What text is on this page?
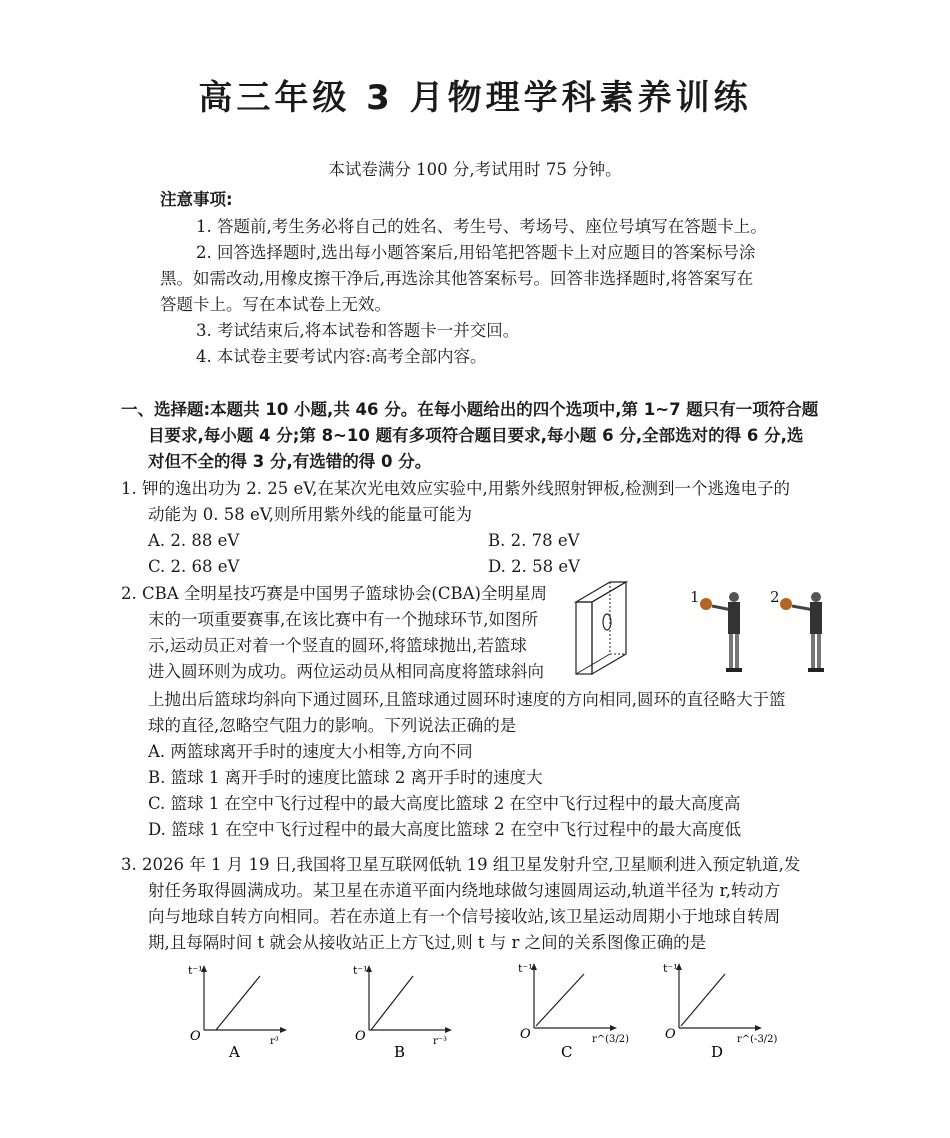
高三年级 3 月物理学科素养训练
本试卷满分 100 分,考试用时 75 分钟。
注意事项:
1. 答题前,考生务必将自己的姓名、考生号、考场号、座位号填写在答题卡上。
2. 回答选择题时,选出每小题答案后,用铅笔把答题卡上对应题目的答案标号涂
黑。如需改动,用橡皮擦干净后,再选涂其他答案标号。回答非选择题时,将答案写在
答题卡上。写在本试卷上无效。
3. 考试结束后,将本试卷和答题卡一并交回。
4. 本试卷主要考试内容:高考全部内容。
一、选择题:本题共 10 小题,共 46 分。在每小题给出的四个选项中,第 1~7 题只有一项符合题
目要求,每小题 4 分;第 8~10 题有多项符合题目要求,每小题 6 分,全部选对的得 6 分,选
对但不全的得 3 分,有选错的得 0 分。
1. 钾的逸出功为 2. 25 eV,在某次光电效应实验中,用紫外线照射钾板,检测到一个逃逸电子的
动能为 0. 58 eV,则所用紫外线的能量可能为
A. 2. 88 eV	B. 2. 78 eV
C. 2. 68 eV	D. 2. 58 eV
2. CBA 全明星技巧赛是中国男子篮球协会(CBA)全明星周
末的一项重要赛事,在该比赛中有一个抛球环节,如图所
示,运动员正对着一个竖直的圆环,将篮球抛出,若篮球
进入圆环则为成功。两位运动员从相同高度将篮球斜向
上抛出后篮球均斜向下通过圆环,且篮球通过圆环时速度的方向相同,圆环的直径略大于篮
球的直径,忽略空气阻力的影响。下列说法正确的是
A. 两篮球离开手时的速度大小相等,方向不同
B. 篮球 1 离开手时的速度比篮球 2 离开手时的速度大
C. 篮球 1 在空中飞行过程中的最大高度比篮球 2 在空中飞行过程中的最大高度高
D. 篮球 1 在空中飞行过程中的最大高度比篮球 2 在空中飞行过程中的最大高度低
1	2
3. 2026 年 1 月 19 日,我国将卫星互联网低轨 19 组卫星发射升空,卫星顺利进入预定轨道,发
射任务取得圆满成功。某卫星在赤道平面内绕地球做匀速圆周运动,轨道半径为 r,转动方
向与地球自转方向相同。若在赤道上有一个信号接收站,该卫星运动周期小于地球自转周
期,且每隔时间 t 就会从接收站正上方飞过,则 t 与 r 之间的关系图像正确的是
t⁻¹
O	r³
A
t⁻¹
O	r⁻³
B
t⁻¹
O	r^(3/2)
C
t⁻¹
O	r^(-3/2)
D
